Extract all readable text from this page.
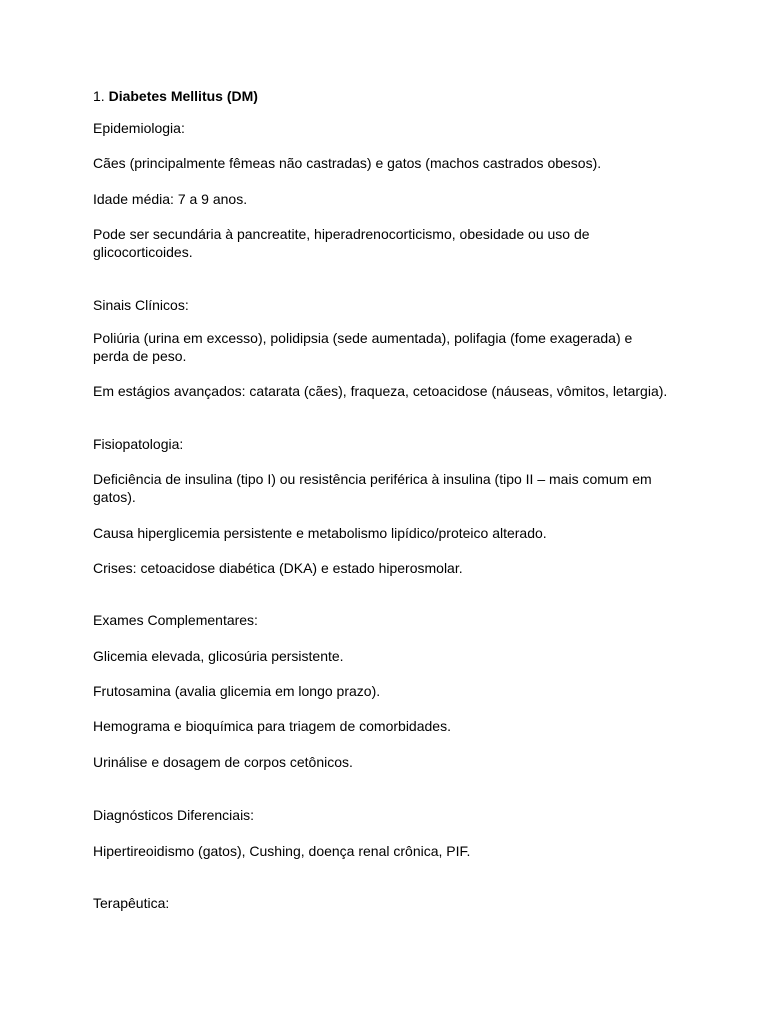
1. Diabetes Mellitus (DM)
Epidemiologia:
Cães (principalmente fêmeas não castradas) e gatos (machos castrados obesos).
Idade média: 7 a 9 anos.
Pode ser secundária à pancreatite, hiperadrenocorticismo, obesidade ou uso de glicocorticoides.
Sinais Clínicos:
Poliúria (urina em excesso), polidipsia (sede aumentada), polifagia (fome exagerada) e perda de peso.
Em estágios avançados: catarata (cães), fraqueza, cetoacidose (náuseas, vômitos, letargia).
Fisiopatologia:
Deficiência de insulina (tipo I) ou resistência periférica à insulina (tipo II – mais comum em gatos).
Causa hiperglicemia persistente e metabolismo lipídico/proteico alterado.
Crises: cetoacidose diabética (DKA) e estado hiperosmolar.
Exames Complementares:
Glicemia elevada, glicosúria persistente.
Frutosamina (avalia glicemia em longo prazo).
Hemograma e bioquímica para triagem de comorbidades.
Urinálise e dosagem de corpos cetônicos.
Diagnósticos Diferenciais:
Hipertireoidismo (gatos), Cushing, doença renal crônica, PIF.
Terapêutica:
